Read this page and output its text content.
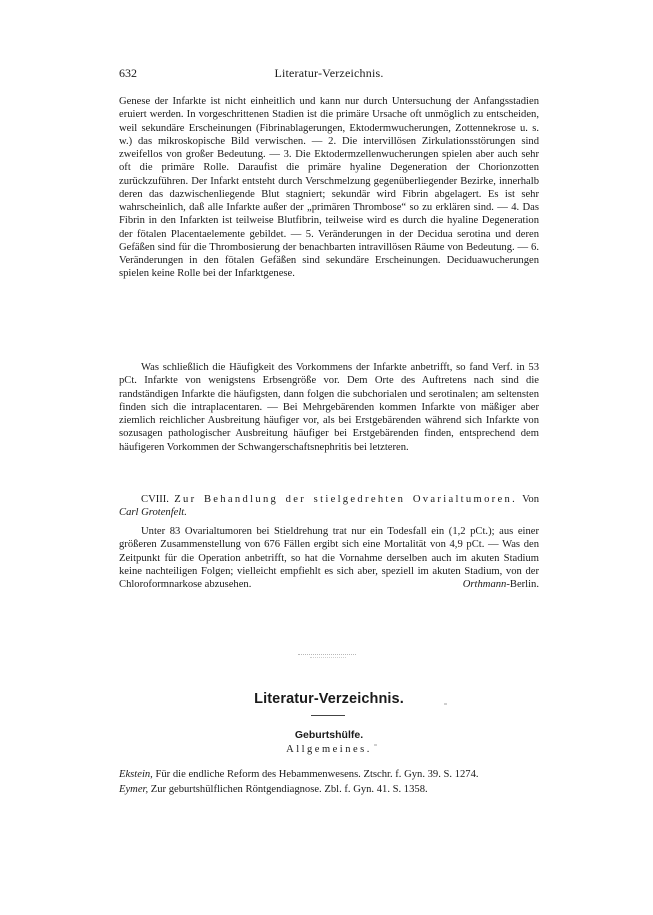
632	Literatur-Verzeichnis.

Genese der Infarkte ist nicht einheitlich und kann nur durch Untersuchung der Anfangsstadien eruiert werden. In vorgeschrittenen Stadien ist die primäre Ursache oft unmöglich zu entscheiden, weil sekundäre Erscheinungen (Fibrinablagerungen, Ektodermwucherungen, Zottennekrose u. s. w.) das mikroskopische Bild verwischen. — 2. Die intervillösen Zirkulationsstörungen sind zweifellos von großer Bedeutung. — 3. Die Ektodermzellenwucherungen spielen aber auch sehr oft die primäre Rolle. Daraufist die primäre hyaline Degeneration der Chorionzotten zurückzuführen. Der Infarkt entsteht durch Verschmelzung gegenüberliegender Bezirke, innerhalb deren das dazwischenliegende Blut stagniert; sekundär wird Fibrin abgelagert. Es ist sehr wahrscheinlich, daß alle Infarkte außer der „primären Thrombose“ so zu erklären sind. — 4. Das Fibrin in den Infarkten ist teilweise Blutfibrin, teilweise wird es durch die hyaline Degeneration der fötalen Placentaelemente gebildet. — 5. Veränderungen in der Decidua serotina und deren Gefäßen sind für die Thrombosierung der benachbarten intravillösen Räume von Bedeutung. — 6. Veränderungen in den fötalen Gefäßen sind sekundäre Erscheinungen. Deciduawucherungen spielen keine Rolle bei der Infarktgenese.

Was schließlich die Häufigkeit des Vorkommens der Infarkte anbetrifft, so fand Verf. in 53 pCt. Infarkte von wenigstens Erbsengröße vor. Dem Orte des Auftretens nach sind die randständigen Infarkte die häufigsten, dann folgen die subchorialen und serotinalen; am seltensten finden sich die intraplacentaren. — Bei Mehrgebärenden kommen Infarkte von mäßiger aber ziemlich reichlicher Ausbreitung häufiger vor, als bei Erstgebärenden während sich Infarkte von sozusagen pathologischer Ausbreitung häufiger bei Erstgebärenden finden, entsprechend dem häufigeren Vorkommen der Schwangerschaftsnephritis bei letzteren.

CVIII. Zur Behandlung der stielgedrehten Ovarialtumoren. Von Carl Grotenfelt.

Unter 83 Ovarialtumoren bei Stieldrehung trat nur ein Todesfall ein (1,2 pCt.); aus einer größeren Zusammenstellung von 676 Fällen ergibt sich eine Mortalität von 4,9 pCt. — Was den Zeitpunkt für die Operation anbetrifft, so hat die Vornahme derselben auch im akuten Stadium keine nachteiligen Folgen; vielleicht empfiehlt es sich aber, speziell im akuten Stadium, von der Chloroformnarkose abzusehen.	Orthmann-Berlin.

Literatur-Verzeichnis.
Geburtshülfe.
Allgemeines.

Ekstein, Für die endliche Reform des Hebammenwesens. Ztschr. f. Gyn. 39. S. 1274.

Eymer, Zur geburtshülflichen Röntgendiagnose. Zbl. f. Gyn. 41. S. 1358.
